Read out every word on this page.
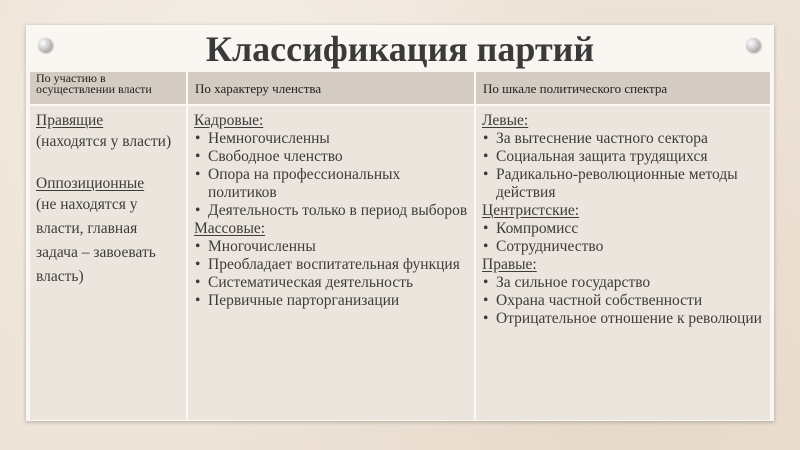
Классификация партий
По участию в осуществлении власти	По характеру членства	По шкале политического спектра
Правящие
(находятся у власти)
Оппозиционные
(не находятся у власти, главная задача – завоевать власть)
Кадровые:
• Немногочисленны
• Свободное членство
• Опора на профессиональных политиков
• Деятельность только в период выборов
Массовые:
• Многочисленны
• Преобладает воспитательная функция
• Систематическая деятельность
• Первичные парторганизации
Левые:
• За вытеснение частного сектора
• Социальная защита трудящихся
• Радикально-революционные методы действия
Центристские:
• Компромисс
• Сотрудничество
Правые:
• За сильное государство
• Охрана частной собственности
• Отрицательное отношение к революции
